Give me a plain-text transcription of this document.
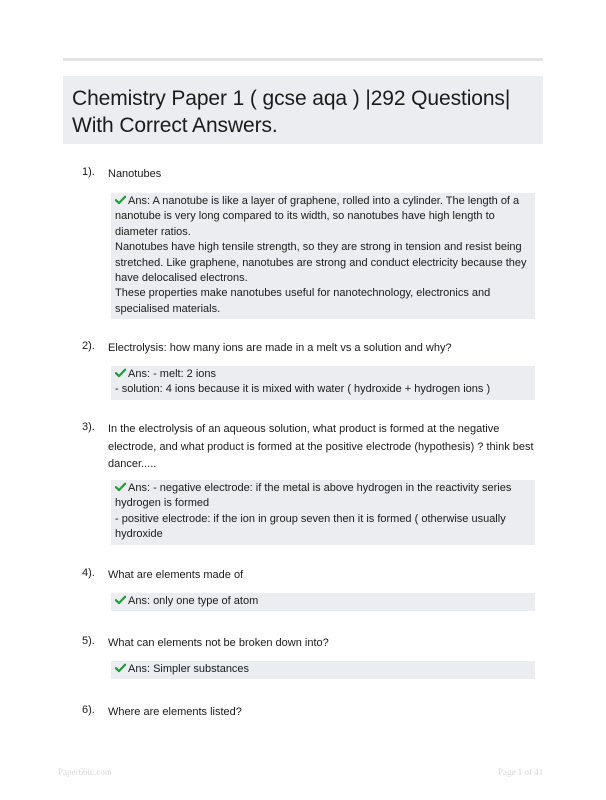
Chemistry Paper 1 ( gcse aqa ) |292 Questions| With Correct Answers.
1). Nanotubes

Ans: A nanotube is like a layer of graphene, rolled into a cylinder. The length of a nanotube is very long compared to its width, so nanotubes have high length to diameter ratios.

Nanotubes have high tensile strength, so they are strong in tension and resist being stretched. Like graphene, nanotubes are strong and conduct electricity because they have delocalised electrons.

These properties make nanotubes useful for nanotechnology, electronics and specialised materials.

2). Electrolysis: how many ions are made in a melt vs a solution and why?

Ans: - melt: 2 ions

- solution: 4 ions because it is mixed with water ( hydroxide + hydrogen ions )

3). In the electrolysis of an aqueous solution, what product is formed at the negative electrode, and what product is formed at the positive electrode (hypothesis) ? think best dancer.....

Ans: - negative electrode: if the metal is above hydrogen in the reactivity series hydrogen is formed

- positive electrode: if the ion in group seven then it is formed ( otherwise usually hydroxide

4). What are elements made of

Ans: only one type of atom

5). What can elements not be broken down into?

Ans: Simpler substances

6). Where are elements listed?
Paper66ic.com	Page 1 of 41
